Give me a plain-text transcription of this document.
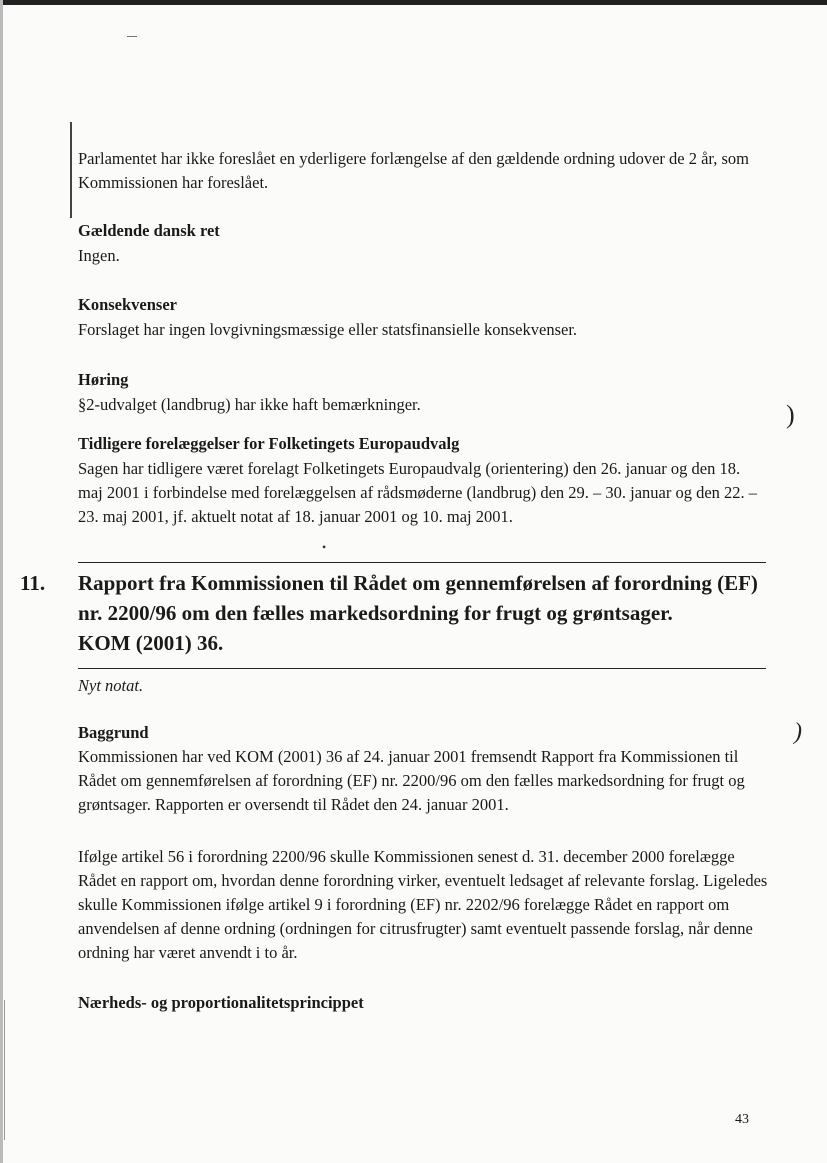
)
)
•

Parlamentet har ikke foreslået en yderligere forlængelse af den gældende ordning udover de 2 år, som Kommissionen har foreslået.

Gældende dansk ret

Ingen.

Konsekvenser

Forslaget har ingen lovgivningsmæssige eller statsfinansielle konsekvenser.

Høring

§2-udvalget (landbrug) har ikke haft bemærkninger.

Tidligere forelæggelser for Folketingets Europaudvalg

Sagen har tidligere været forelagt Folketingets Europaudvalg (orientering) den 26. januar og den 18. maj 2001 i forbindelse med forelæggelsen af rådsmøderne (landbrug) den 29. – 30. januar og den 22. – 23. maj 2001, jf. aktuelt notat af 18. januar 2001 og 10. maj 2001.

11. Rapport fra Kommissionen til Rådet om gennemførelsen af forordning (EF)
nr. 2200/96 om den fælles markedsordning for frugt og grøntsager.
KOM (2001) 36.

Nyt notat.

Baggrund

Kommissionen har ved KOM (2001) 36 af 24. januar 2001 fremsendt Rapport fra Kommissionen til Rådet om gennemførelsen af forordning (EF) nr. 2200/96 om den fælles markedsordning for frugt og grøntsager. Rapporten er oversendt til Rådet den 24. januar 2001.

Ifølge artikel 56 i forordning 2200/96 skulle Kommissionen senest d. 31. december 2000 forelægge Rådet en rapport om, hvordan denne forordning virker, eventuelt ledsaget af relevante forslag. Ligeledes skulle Kommissionen ifølge artikel 9 i forordning (EF) nr. 2202/96 forelægge Rådet en rapport om anvendelsen af denne ordning (ordningen for citrusfrugter) samt eventuelt passende forslag, når denne ordning har været anvendt i to år.

Nærheds- og proportionalitetsprincippet

43
